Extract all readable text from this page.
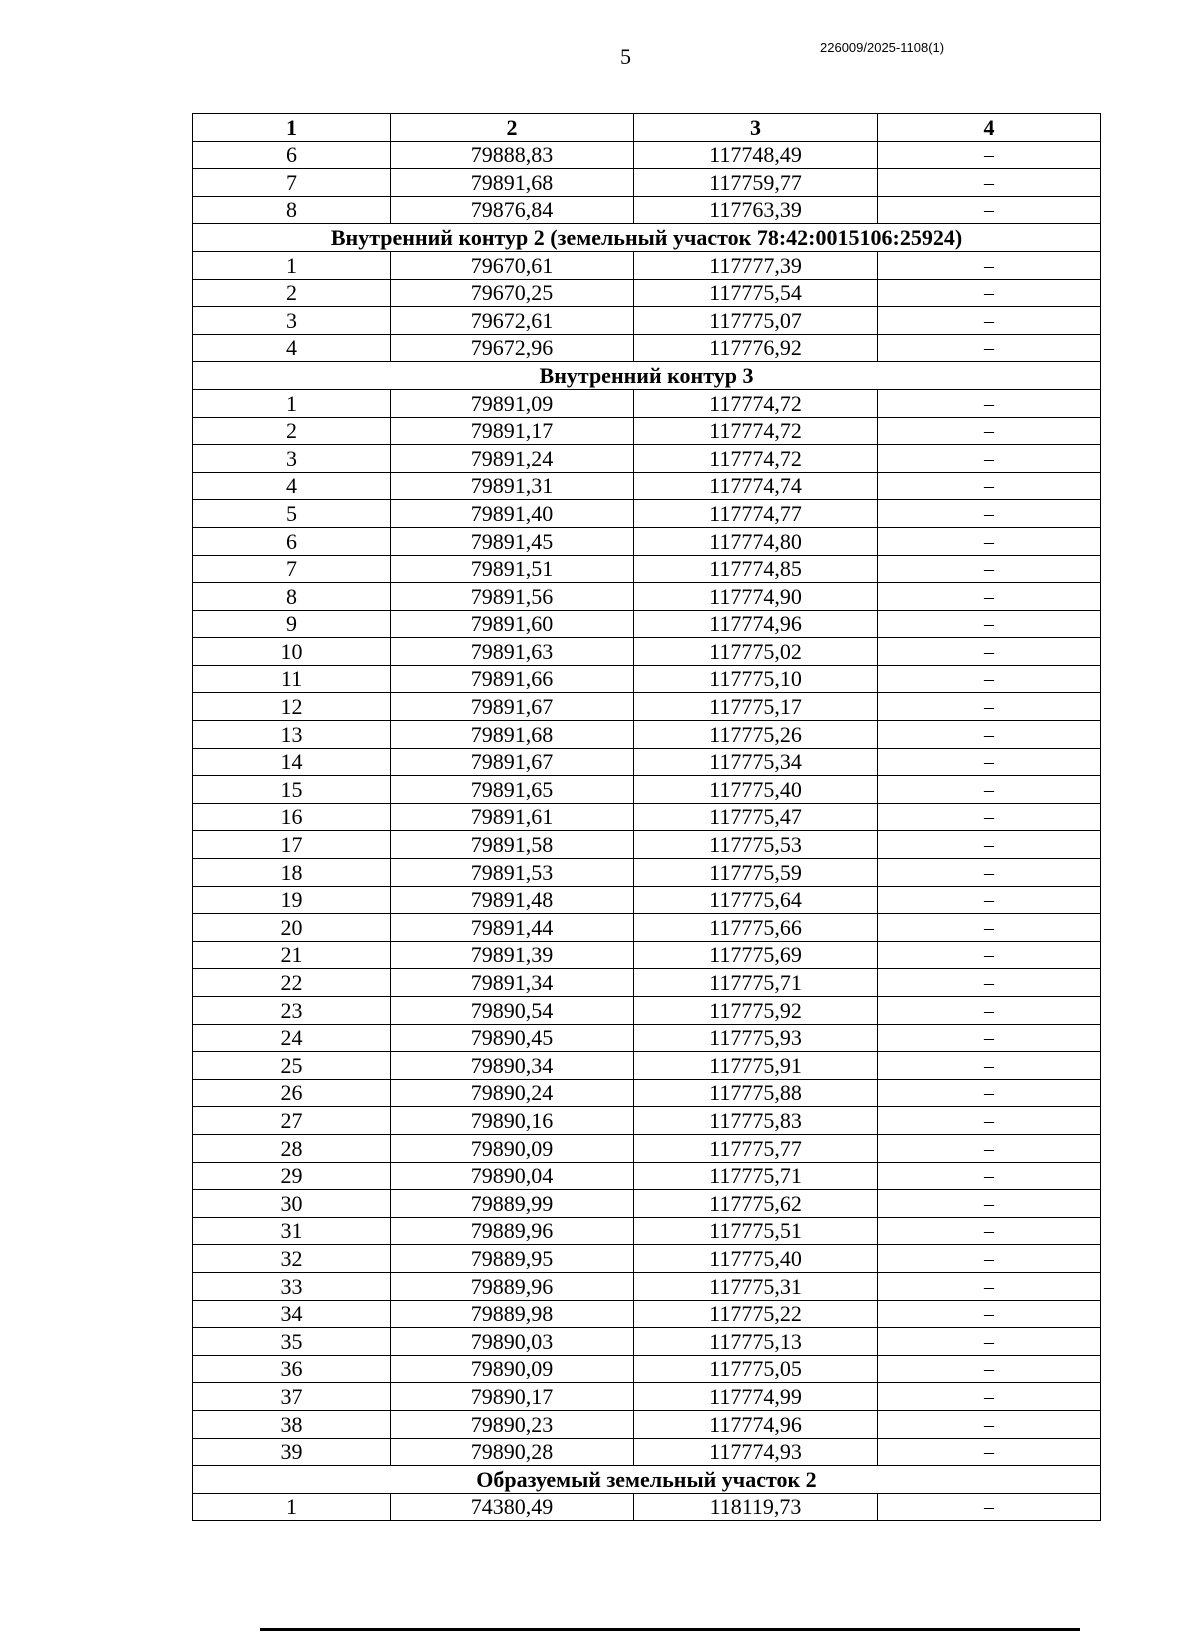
5	226009/2025-1108(1)
1	2	3	4
6	79888,83	117748,49	–
7	79891,68	117759,77	–
8	79876,84	117763,39	–
Внутренний контур 2 (земельный участок 78:42:0015106:25924)			
1	79670,61	117777,39	–
2	79670,25	117775,54	–
3	79672,61	117775,07	–
4	79672,96	117776,92	–
Внутренний контур 3			
1	79891,09	117774,72	–
2	79891,17	117774,72	–
3	79891,24	117774,72	–
4	79891,31	117774,74	–
5	79891,40	117774,77	–
6	79891,45	117774,80	–
7	79891,51	117774,85	–
8	79891,56	117774,90	–
9	79891,60	117774,96	–
10	79891,63	117775,02	–
11	79891,66	117775,10	–
12	79891,67	117775,17	–
13	79891,68	117775,26	–
14	79891,67	117775,34	–
15	79891,65	117775,40	–
16	79891,61	117775,47	–
17	79891,58	117775,53	–
18	79891,53	117775,59	–
19	79891,48	117775,64	–
20	79891,44	117775,66	–
21	79891,39	117775,69	–
22	79891,34	117775,71	–
23	79890,54	117775,92	–
24	79890,45	117775,93	–
25	79890,34	117775,91	–
26	79890,24	117775,88	–
27	79890,16	117775,83	–
28	79890,09	117775,77	–
29	79890,04	117775,71	–
30	79889,99	117775,62	–
31	79889,96	117775,51	–
32	79889,95	117775,40	–
33	79889,96	117775,31	–
34	79889,98	117775,22	–
35	79890,03	117775,13	–
36	79890,09	117775,05	–
37	79890,17	117774,99	–
38	79890,23	117774,96	–
39	79890,28	117774,93	–
Образуемый земельный участок 2			
1	74380,49	118119,73	–
